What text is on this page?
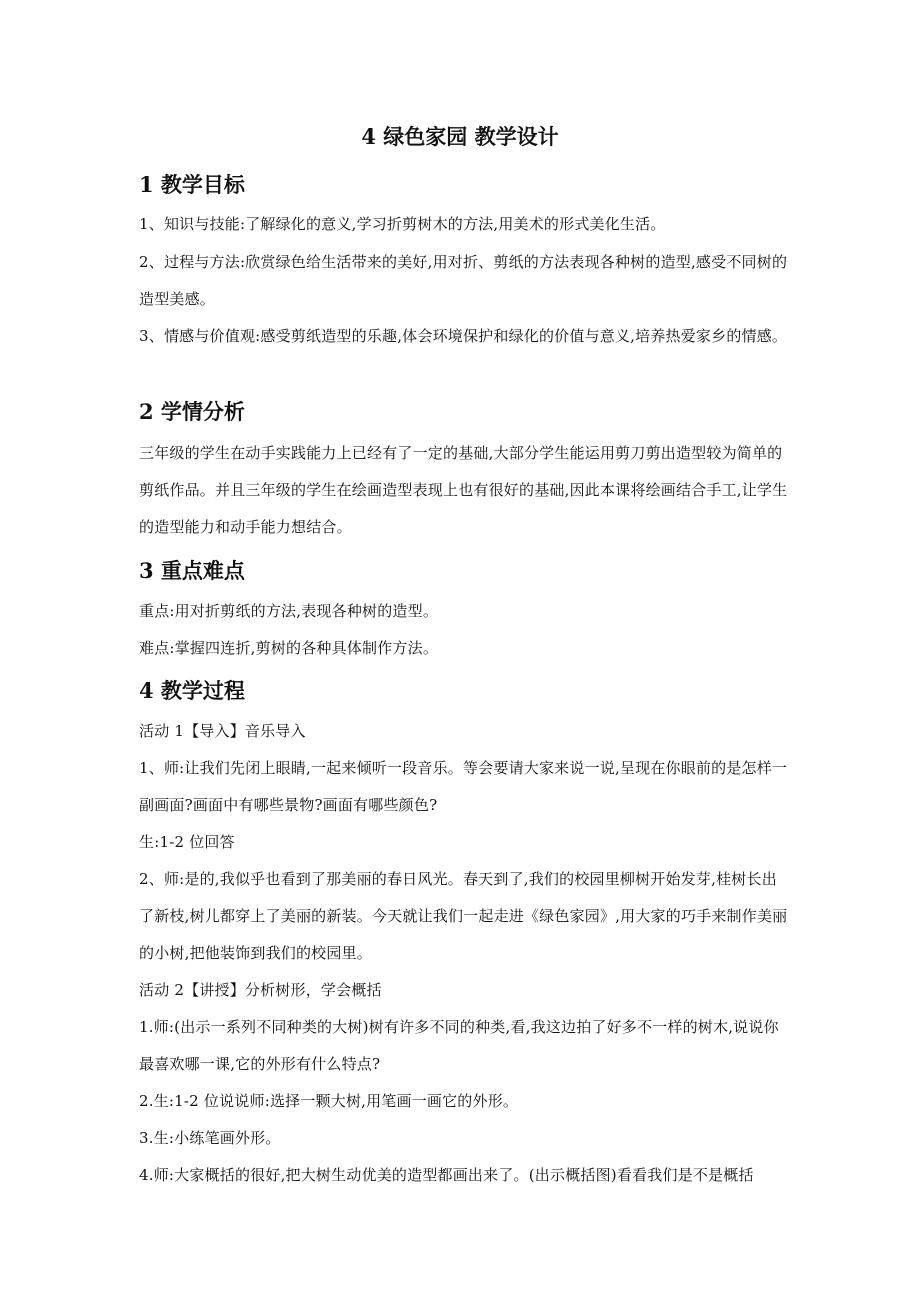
4 绿色家园 教学设计
1 教学目标
1、知识与技能:了解绿化的意义,学习折剪树木的方法,用美术的形式美化生活。
2、过程与方法:欣赏绿色给生活带来的美好,用对折、剪纸的方法表现各种树的造型,感受不同树的造型美感。
3、情感与价值观:感受剪纸造型的乐趣,体会环境保护和绿化的价值与意义,培养热爱家乡的情感。
2 学情分析
三年级的学生在动手实践能力上已经有了一定的基础,大部分学生能运用剪刀剪出造型较为简单的剪纸作品。并且三年级的学生在绘画造型表现上也有很好的基础,因此本课将绘画结合手工,让学生的造型能力和动手能力想结合。
3 重点难点
重点:用对折剪纸的方法,表现各种树的造型。
难点:掌握四连折,剪树的各种具体制作方法。
4 教学过程
活动 1【导入】音乐导入
1、师:让我们先闭上眼睛,一起来倾听一段音乐。等会要请大家来说一说,呈现在你眼前的是怎样一副画面?画面中有哪些景物?画面有哪些颜色?
生:1-2 位回答
2、师:是的,我似乎也看到了那美丽的春日风光。春天到了,我们的校园里柳树开始发芽,桂树长出了新枝,树儿都穿上了美丽的新装。今天就让我们一起走进《绿色家园》,用大家的巧手来制作美丽的小树,把他装饰到我们的校园里。
活动 2【讲授】分析树形，学会概括
1.师:(出示一系列不同种类的大树)树有许多不同的种类,看,我这边拍了好多不一样的树木,说说你最喜欢哪一课,它的外形有什么特点?
2.生:1-2 位说说师:选择一颗大树,用笔画一画它的外形。
3.生:小练笔画外形。
4.师:大家概括的很好,把大树生动优美的造型都画出来了。(出示概括图)看看我们是不是概括
